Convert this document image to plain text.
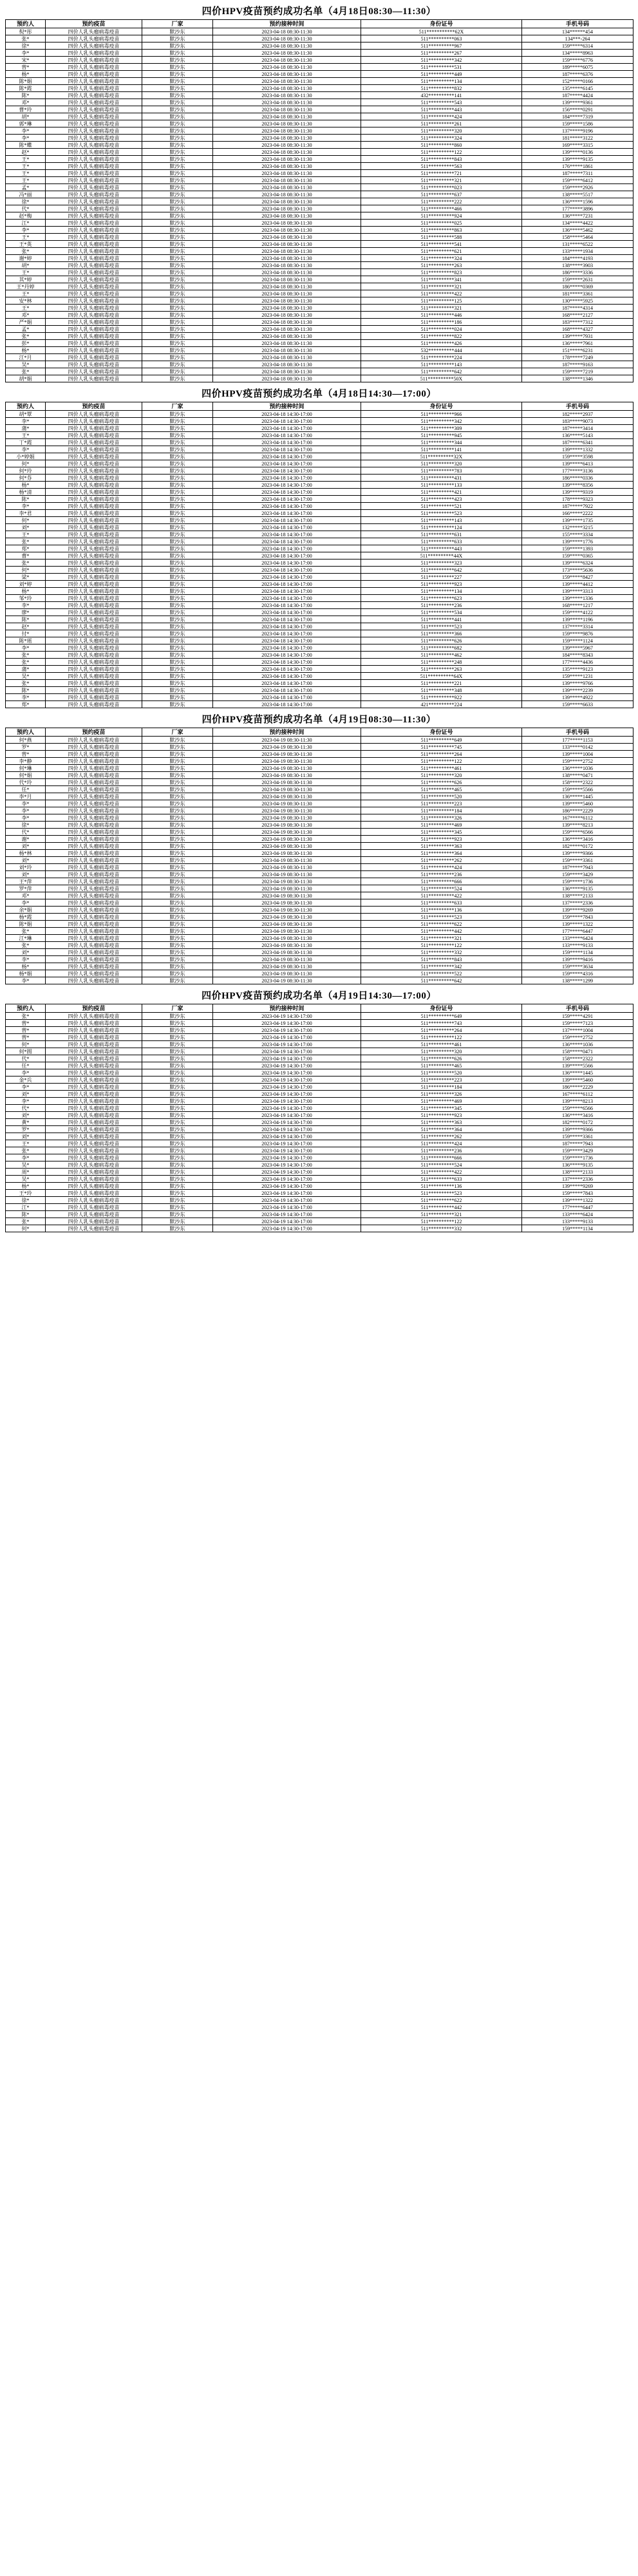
四价HPV疫苗预约成功名单（4月18日08:30—11:30）
预约人	预约疫苗	厂家	预约接种时间	身份证号	手机号码
倪*彤	四价人乳头瘤病毒疫苗	默沙东	2023-04-18 08:30-11:30	511***********62X	134******454
张*	四价人乳头瘤病毒疫苗	默沙东	2023-04-18 08:30-11:30	511**********063	134***-264
徐*	四价人乳头瘤病毒疫苗	默沙东	2023-04-18 08:30-11:30	511**********967	159*****6314
李*	四价人乳头瘤病毒疫苗	默沙东	2023-04-18 08:30-11:30	511**********267	134*****8963
宋*	四价人乳头瘤病毒疫苗	默沙东	2023-04-18 08:30-11:30	511**********342	159*****6776
曾*	四价人乳头瘤病毒疫苗	默沙东	2023-04-18 08:30-11:30	511**********531	189*****6075
杨*	四价人乳头瘤病毒疫苗	默沙东	2023-04-18 08:30-11:30	511**********449	187*****6376
陈*娟	四价人乳头瘤病毒疫苗	默沙东	2023-04-18 08:30-11:30	511**********134	152*****0166
陈*霞	四价人乳头瘤病毒疫苗	默沙东	2023-04-18 08:30-11:30	511**********832	135*****6145
陈*	四价人乳头瘤病毒疫苗	默沙东	2023-04-18 08:30-11:30	432**********141	187*****4424
邓*	四价人乳头瘤病毒疫苗	默沙东	2023-04-18 08:30-11:30	511**********543	139*****9361
曹*玲	四价人乳头瘤病毒疫苗	默沙东	2023-04-18 08:30-11:30	511**********443	156*****0291
胡*	四价人乳头瘤病毒疫苗	默沙东	2023-04-18 08:30-11:30	511**********424	184*****7319
郭*琳	四价人乳头瘤病毒疫苗	默沙东	2023-04-18 08:30-11:30	511**********261	159*****1586
李*	四价人乳头瘤病毒疫苗	默沙东	2023-04-18 08:30-11:30	511**********320	137*****9196
李*	四价人乳头瘤病毒疫苗	默沙东	2023-04-18 08:30-11:30	511**********324	181*****3122
陈*蝶	四价人乳头瘤病毒疫苗	默沙东	2023-04-18 08:30-11:30	511**********860	169*****3315
赵*	四价人乳头瘤病毒疫苗	默沙东	2023-04-18 08:30-11:30	511**********122	139*****0136
王*	四价人乳头瘤病毒疫苗	默沙东	2023-04-18 08:30-11:30	511**********843	139*****9135
王*	四价人乳头瘤病毒疫苗	默沙东	2023-04-18 08:30-11:30	511**********563	176*****1861
王*	四价人乳头瘤病毒疫苗	默沙东	2023-04-18 08:30-11:30	511**********721	187*****7311
王*	四价人乳头瘤病毒疫苗	默沙东	2023-04-18 08:30-11:30	511**********321	159*****6412
孟*	四价人乳头瘤病毒疫苗	默沙东	2023-04-18 08:30-11:30	511**********023	159*****2926
冯*丽	四价人乳头瘤病毒疫苗	默沙东	2023-04-18 08:30-11:30	511**********637	138*****5517
徐*	四价人乳头瘤病毒疫苗	默沙东	2023-04-18 08:30-11:30	511**********222	136*****1596
代*	四价人乳头瘤病毒疫苗	默沙东	2023-04-18 08:30-11:30	511**********466	177*****3896
赵*梅	四价人乳头瘤病毒疫苗	默沙东	2023-04-18 08:30-11:30	511**********924	136*****7231
江*	四价人乳头瘤病毒疫苗	默沙东	2023-04-18 08:30-11:30	511**********025	134*****4422
李*	四价人乳头瘤病毒疫苗	默沙东	2023-04-18 08:30-11:30	511**********863	136*****5462
王*	四价人乳头瘤病毒疫苗	默沙东	2023-04-18 08:30-11:30	511**********588	158*****5464
王*英	四价人乳头瘤病毒疫苗	默沙东	2023-04-18 08:30-11:30	511**********541	131*****6522
张*	四价人乳头瘤病毒疫苗	默沙东	2023-04-18 08:30-11:30	511**********621	133*****1934
谢*婷	四价人乳头瘤病毒疫苗	默沙东	2023-04-18 08:30-11:30	511**********324	184*****4193
胡*	四价人乳头瘤病毒疫苗	默沙东	2023-04-18 08:30-11:30	511**********263	138*****3903
王*	四价人乳头瘤病毒疫苗	默沙东	2023-04-18 08:30-11:30	511**********823	186*****3336
其*婷	四价人乳头瘤病毒疫苗	默沙东	2023-04-18 08:30-11:30	511**********341	159*****2631
王*丹婷	四价人乳头瘤病毒疫苗	默沙东	2023-04-18 08:30-11:30	511**********321	186*****0369
王*	四价人乳头瘤病毒疫苗	默沙东	2023-04-18 08:30-11:30	511**********422	181*****3361
安*林	四价人乳头瘤病毒疫苗	默沙东	2023-04-18 08:30-11:30	511**********125	130*****5925
王*	四价人乳头瘤病毒疫苗	默沙东	2023-04-18 08:30-11:30	511**********321	187*****4314
邓*	四价人乳头瘤病毒疫苗	默沙东	2023-04-18 08:30-11:30	511**********446	168*****2127
严*娟	四价人乳头瘤病毒疫苗	默沙东	2023-04-18 08:30-11:30	511**********186	183*****7312
孟*	四价人乳头瘤病毒疫苗	默沙东	2023-04-18 08:30-11:30	511**********024	168*****4327
张*	四价人乳头瘤病毒疫苗	默沙东	2023-04-18 08:30-11:30	511**********822	139*****7931
彭*	四价人乳头瘤病毒疫苗	默沙东	2023-04-18 08:30-11:30	511**********426	136*****7961
杨*	四价人乳头瘤病毒疫苗	默沙东	2023-04-18 08:30-11:30	532**********444	151*****6231
江*月	四价人乳头瘤病毒疫苗	默沙东	2023-04-18 08:30-11:30	511**********224	178*****7249
吴*	四价人乳头瘤病毒疫苗	默沙东	2023-04-18 08:30-11:30	511**********143	187*****9163
张*	四价人乳头瘤病毒疫苗	默沙东	2023-04-18 08:30-11:30	511**********642	159*****7219
胡*娟	四价人乳头瘤病毒疫苗	默沙东	2023-04-18 08:30-11:30	511**********50X	138*****1346
四价HPV疫苗预约成功名单（4月18日14:30—17:00）
预约人	预约疫苗	厂家	预约接种时间	身份证号	手机号码
胡*覃	四价人乳头瘤病毒疫苗	默沙东	2023-04-18 14:30-17:00	511**********966	182*****2937
李*	四价人乳头瘤病毒疫苗	默沙东	2023-04-18 14:30-17:00	511**********342	183*****9073
蒲*	四价人乳头瘤病毒疫苗	默沙东	2023-04-18 14:30-17:00	511**********309	187*****3414
王*	四价人乳头瘤病毒疫苗	默沙东	2023-04-18 14:30-17:00	511**********945	136*****5143
丁*霞	四价人乳头瘤病毒疫苗	默沙东	2023-04-18 14:30-17:00	511**********344	187*****6341
李*	四价人乳头瘤病毒疫苗	默沙东	2023-04-18 14:30-17:00	511**********141	139*****1332
小*婷娟	四价人乳头瘤病毒疫苗	默沙东	2023-04-18 14:30-17:00	511**********32X	159*****3598
何*	四价人乳头瘤病毒疫苗	默沙东	2023-04-18 14:30-17:00	511**********320	139*****6413
何*玲	四价人乳头瘤病毒疫苗	默沙东	2023-04-18 14:30-17:00	511**********783	177*****3136
何*芬	四价人乳头瘤病毒疫苗	默沙东	2023-04-18 14:30-17:00	511**********431	186*****0336
杨*	四价人乳头瘤病毒疫苗	默沙东	2023-04-18 14:30-17:00	511**********133	139*****8356
杨*清	四价人乳头瘤病毒疫苗	默沙东	2023-04-18 14:30-17:00	511**********421	139*****9319
陈*	四价人乳头瘤病毒疫苗	默沙东	2023-04-18 14:30-17:00	511**********423	178*****9323
李*	四价人乳头瘤病毒疫苗	默沙东	2023-04-18 14:30-17:00	511**********521	187*****7922
李*君	四价人乳头瘤病毒疫苗	默沙东	2023-04-18 14:30-17:00	511**********523	166*****2222
何*	四价人乳头瘤病毒疫苗	默沙东	2023-04-18 14:30-17:00	511**********143	139*****1735
刘*	四价人乳头瘤病毒疫苗	默沙东	2023-04-18 14:30-17:00	511**********124	132*****3215
王*	四价人乳头瘤病毒疫苗	默沙东	2023-04-18 14:30-17:00	511**********631	155*****3334
张*	四价人乳头瘤病毒疫苗	默沙东	2023-04-18 14:30-17:00	511**********633	139*****1776
郑*	四价人乳头瘤病毒疫苗	默沙东	2023-04-18 14:30-17:00	511**********443	159*****1393
曹*	四价人乳头瘤病毒疫苗	默沙东	2023-04-18 14:30-17:00	511**********44X	159*****0365
张*	四价人乳头瘤病毒疫苗	默沙东	2023-04-18 14:30-17:00	511**********323	139*****6324
何*	四价人乳头瘤病毒疫苗	默沙东	2023-04-18 14:30-17:00	511**********642	173*****5636
梁*	四价人乳头瘤病毒疫苗	默沙东	2023-04-18 14:30-17:00	511**********227	159*****8427
刘*婷	四价人乳头瘤病毒疫苗	默沙东	2023-04-18 14:30-17:00	511**********923	139*****4412
杨*	四价人乳头瘤病毒疫苗	默沙东	2023-04-18 14:30-17:00	511**********134	139*****3313
邹*玲	四价人乳头瘤病毒疫苗	默沙东	2023-04-18 14:30-17:00	511**********623	139*****1336
李*	四价人乳头瘤病毒疫苗	默沙东	2023-04-18 14:30-17:00	511**********236	168*****1217
廖*	四价人乳头瘤病毒疫苗	默沙东	2023-04-18 14:30-17:00	511**********534	159*****4122
陈*	四价人乳头瘤病毒疫苗	默沙东	2023-04-18 14:30-17:00	511**********441	139*****1196
赵*	四价人乳头瘤病毒疫苗	默沙东	2023-04-18 14:30-17:00	511**********523	137*****3314
付*	四价人乳头瘤病毒疫苗	默沙东	2023-04-18 14:30-17:00	511**********366	159*****9876
陈*瑶	四价人乳头瘤病毒疫苗	默沙东	2023-04-18 14:30-17:00	511**********626	159*****1124
李*	四价人乳头瘤病毒疫苗	默沙东	2023-04-18 14:30-17:00	511**********682	139*****5967
张*	四价人乳头瘤病毒疫苗	默沙东	2023-04-18 14:30-17:00	511**********462	184*****8343
张*	四价人乳头瘤病毒疫苗	默沙东	2023-04-18 14:30-17:00	511**********248	177*****4436
蒲*	四价人乳头瘤病毒疫苗	默沙东	2023-04-18 14:30-17:00	511**********263	135*****9123
吴*	四价人乳头瘤病毒疫苗	默沙东	2023-04-18 14:30-17:00	511**********64X	159*****1231
张*	四价人乳头瘤病毒疫苗	默沙东	2023-04-18 14:30-17:00	511**********221	139*****9766
陈*	四价人乳头瘤病毒疫苗	默沙东	2023-04-18 14:30-17:00	511**********348	139*****2239
李*	四价人乳头瘤病毒疫苗	默沙东	2023-04-18 14:30-17:00	511**********922	139*****4922
郑*	四价人乳头瘤病毒疫苗	默沙东	2023-04-18 14:30-17:00	421**********224	159*****6633
四价HPV疫苗预约成功名单（4月19日08:30—11:30）
预约人	预约疫苗	厂家	预约接种时间	身份证号	手机号码
何*燕	四价人乳头瘤病毒疫苗	默沙东	2023-04-19 08:30-11:30	511**********649	177*****1153
罗*	四价人乳头瘤病毒疫苗	默沙东	2023-04-19 08:30-11:30	511**********745	133*****0142
曾*	四价人乳头瘤病毒疫苗	默沙东	2023-04-19 08:30-11:30	511**********264	139*****1004
李*静	四价人乳头瘤病毒疫苗	默沙东	2023-04-19 08:30-11:30	511**********122	159*****2752
何*琳	四价人乳头瘤病毒疫苗	默沙东	2023-04-19 08:30-11:30	511**********461	136*****1036
何*娟	四价人乳头瘤病毒疫苗	默沙东	2023-04-19 08:30-11:30	511**********320	138*****0471
代*玲	四价人乳头瘤病毒疫苗	默沙东	2023-04-19 08:30-11:30	511**********626	158*****2322
任*	四价人乳头瘤病毒疫苗	默沙东	2023-04-19 08:30-11:30	511**********465	159*****5566
李*月	四价人乳头瘤病毒疫苗	默沙东	2023-04-19 08:30-11:30	511**********520	136*****1445
李*	四价人乳头瘤病毒疫苗	默沙东	2023-04-19 08:30-11:30	511**********223	139*****5460
李*	四价人乳头瘤病毒疫苗	默沙东	2023-04-19 08:30-11:30	511**********184	186*****2229
李*	四价人乳头瘤病毒疫苗	默沙东	2023-04-19 08:30-11:30	511**********326	167*****6112
徐*	四价人乳头瘤病毒疫苗	默沙东	2023-04-19 08:30-11:30	511**********469	139*****8213
代*	四价人乳头瘤病毒疫苗	默沙东	2023-04-19 08:30-11:30	511**********345	159*****6566
谢*	四价人乳头瘤病毒疫苗	默沙东	2023-04-19 08:30-11:30	511**********923	136*****3416
刘*	四价人乳头瘤病毒疫苗	默沙东	2023-04-19 08:30-11:30	511**********363	182*****0172
杨*林	四价人乳头瘤病毒疫苗	默沙东	2023-04-19 08:30-11:30	511**********364	139*****9366
刘*	四价人乳头瘤病毒疫苗	默沙东	2023-04-19 08:30-11:30	511**********262	159*****3361
刘*玲	四价人乳头瘤病毒疫苗	默沙东	2023-04-19 08:30-11:30	511**********424	187*****7943
刘*	四价人乳头瘤病毒疫苗	默沙东	2023-04-19 08:30-11:30	511**********236	159*****3429
王*萍	四价人乳头瘤病毒疫苗	默沙东	2023-04-19 08:30-11:30	511**********666	159*****1736
罗*萍	四价人乳头瘤病毒疫苗	默沙东	2023-04-19 08:30-11:30	511**********524	136*****9135
邓*	四价人乳头瘤病毒疫苗	默沙东	2023-04-19 08:30-11:30	511**********422	138*****2133
李*	四价人乳头瘤病毒疫苗	默沙东	2023-04-19 08:30-11:30	511**********633	137*****2336
余*娟	四价人乳头瘤病毒疫苗	默沙东	2023-04-19 08:30-11:30	511**********136	139*****9269
杨*霞	四价人乳头瘤病毒疫苗	默沙东	2023-04-19 08:30-11:30	511**********523	159*****7843
陈*娟	四价人乳头瘤病毒疫苗	默沙东	2023-04-19 08:30-11:30	511**********622	139*****1322
张*	四价人乳头瘤病毒疫苗	默沙东	2023-04-19 08:30-11:30	511**********442	177*****6447
江*琳	四价人乳头瘤病毒疫苗	默沙东	2023-04-19 08:30-11:30	511**********321	133*****6424
张*	四价人乳头瘤病毒疫苗	默沙东	2023-04-19 08:30-11:30	511**********122	133*****9133
刘*	四价人乳头瘤病毒疫苗	默沙东	2023-04-19 08:30-11:30	511**********332	159*****1134
李*	四价人乳头瘤病毒疫苗	默沙东	2023-04-19 08:30-11:30	511**********843	139*****9416
杨*	四价人乳头瘤病毒疫苗	默沙东	2023-04-19 08:30-11:30	511**********342	159*****3634
杨*娟	四价人乳头瘤病毒疫苗	默沙东	2023-04-19 08:30-11:30	511**********522	159*****4316
李*	四价人乳头瘤病毒疫苗	默沙东	2023-04-19 08:30-11:30	511**********642	138*****1299
四价HPV疫苗预约成功名单（4月19日14:30—17:00）
预约人	预约疫苗	厂家	预约接种时间	身份证号	手机号码
张*	四价人乳头瘤病毒疫苗	默沙东	2023-04-19 14:30-17:00	511**********649	159*****4291
曾*	四价人乳头瘤病毒疫苗	默沙东	2023-04-19 14:30-17:00	511**********743	159*****7123
曾*	四价人乳头瘤病毒疫苗	默沙东	2023-04-19 14:30-17:00	511**********264	137*****1004
曾*	四价人乳头瘤病毒疫苗	默沙东	2023-04-19 14:30-17:00	511**********122	159*****2752
何*	四价人乳头瘤病毒疫苗	默沙东	2023-04-19 14:30-17:00	511**********461	136*****1036
何*圆	四价人乳头瘤病毒疫苗	默沙东	2023-04-19 14:30-17:00	511**********320	158*****0471
代*	四价人乳头瘤病毒疫苗	默沙东	2023-04-19 14:30-17:00	511**********626	158*****2322
任*	四价人乳头瘤病毒疫苗	默沙东	2023-04-19 14:30-17:00	511**********465	139*****5566
李*	四价人乳头瘤病毒疫苗	默沙东	2023-04-19 14:30-17:00	511**********520	136*****1445
金*兵	四价人乳头瘤病毒疫苗	默沙东	2023-04-19 14:30-17:00	511**********223	139*****5460
李*	四价人乳头瘤病毒疫苗	默沙东	2023-04-19 14:30-17:00	511**********184	186*****2229
刘*	四价人乳头瘤病毒疫苗	默沙东	2023-04-19 14:30-17:00	511**********326	167*****6112
李*	四价人乳头瘤病毒疫苗	默沙东	2023-04-19 14:30-17:00	511**********469	139*****8213
代*	四价人乳头瘤病毒疫苗	默沙东	2023-04-19 14:30-17:00	511**********345	159*****6566
刘*	四价人乳头瘤病毒疫苗	默沙东	2023-04-19 14:30-17:00	511**********923	136*****3416
黄*	四价人乳头瘤病毒疫苗	默沙东	2023-04-19 14:30-17:00	511**********363	182*****0172
罗*	四价人乳头瘤病毒疫苗	默沙东	2023-04-19 14:30-17:00	511**********364	139*****9366
刘*	四价人乳头瘤病毒疫苗	默沙东	2023-04-19 14:30-17:00	511**********262	159*****3361
王*	四价人乳头瘤病毒疫苗	默沙东	2023-04-19 14:30-17:00	511**********424	187*****7943
张*	四价人乳头瘤病毒疫苗	默沙东	2023-04-19 14:30-17:00	511**********236	159*****3429
李*	四价人乳头瘤病毒疫苗	默沙东	2023-04-19 14:30-17:00	511**********666	159*****1736
吴*	四价人乳头瘤病毒疫苗	默沙东	2023-04-19 14:30-17:00	511**********524	136*****9135
周*	四价人乳头瘤病毒疫苗	默沙东	2023-04-19 14:30-17:00	511**********422	138*****2133
吴*	四价人乳头瘤病毒疫苗	默沙东	2023-04-19 14:30-17:00	511**********633	137*****2336
杨*	四价人乳头瘤病毒疫苗	默沙东	2023-04-19 14:30-17:00	511**********136	139*****9269
王*玲	四价人乳头瘤病毒疫苗	默沙东	2023-04-19 14:30-17:00	511**********523	159*****7843
徐*	四价人乳头瘤病毒疫苗	默沙东	2023-04-19 14:30-17:00	511**********622	139*****1322
江*	四价人乳头瘤病毒疫苗	默沙东	2023-04-19 14:30-17:00	511**********442	177*****6447
陈*	四价人乳头瘤病毒疫苗	默沙东	2023-04-19 14:30-17:00	511**********321	133*****6424
张*	四价人乳头瘤病毒疫苗	默沙东	2023-04-19 14:30-17:00	511**********122	133*****9133
何*	四价人乳头瘤病毒疫苗	默沙东	2023-04-19 14:30-17:00	511**********332	159*****1134
